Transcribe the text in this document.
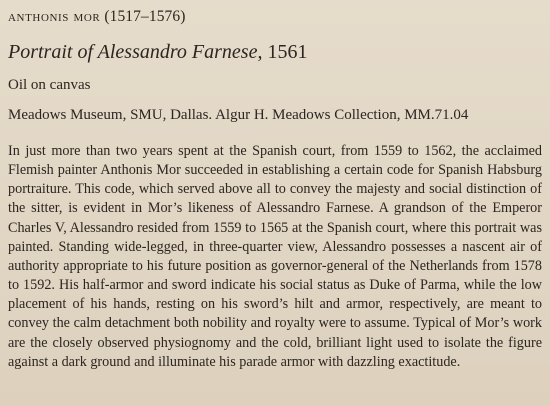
anthonis mor (1517–1576)

Portrait of Alessandro Farnese, 1561

Oil on canvas

Meadows Museum, SMU, Dallas. Algur H. Meadows Collection, MM.71.04

In just more than two years spent at the Spanish court, from 1559 to 1562, the acclaimed Flemish painter Anthonis Mor succeeded in establishing a certain code for Spanish Habsburg portraiture. This code, which served above all to convey the majesty and social distinction of the sitter, is evident in Mor’s likeness of Alessandro Farnese. A grandson of the Emperor Charles V, Alessandro resided from 1559 to 1565 at the Spanish court, where this portrait was painted. Standing wide-legged, in three-quarter view, Alessandro possesses a nascent air of authority appropriate to his future position as governor-general of the Netherlands from 1578 to 1592. His half-armor and sword indicate his social status as Duke of Parma, while the low placement of his hands, resting on his sword’s hilt and armor, respectively, are meant to convey the calm detachment both nobility and royalty were to assume. Typical of Mor’s work are the closely observed physiognomy and the cold, brilliant light used to isolate the figure against a dark ground and illuminate his parade armor with dazzling exactitude.
